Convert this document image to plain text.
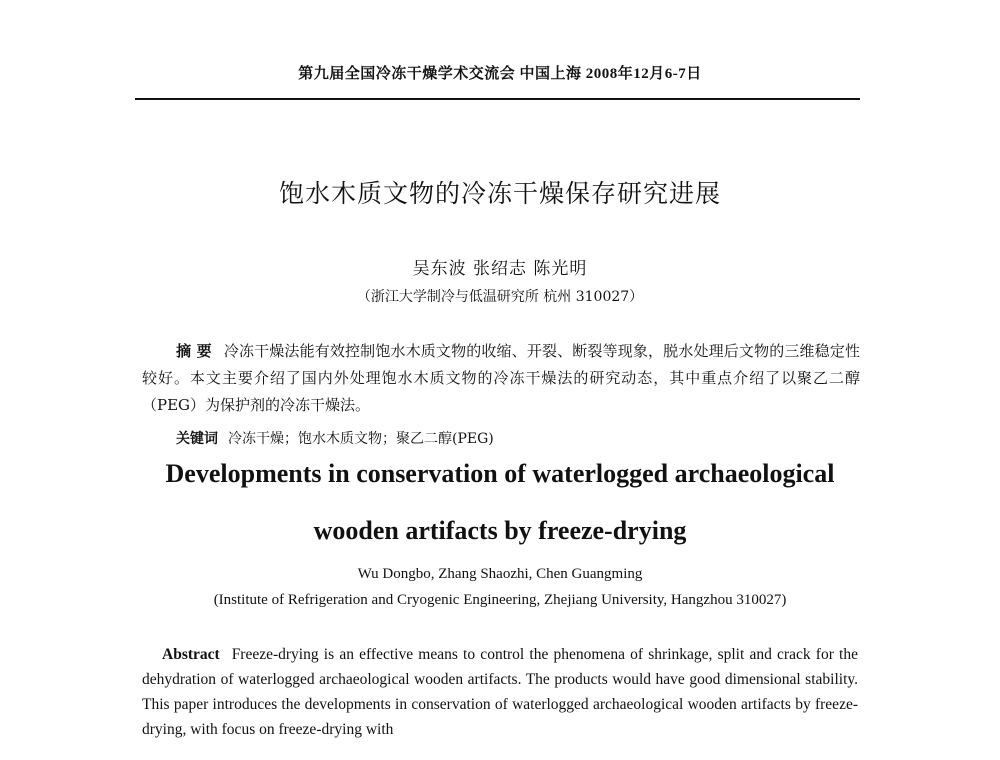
第九届全国冷冻干燥学术交流会 中国上海 2008年12月6-7日
饱水木质文物的冷冻干燥保存研究进展
吴东波 张绍志 陈光明
（浙江大学制冷与低温研究所 杭州 310027）
摘 要 冷冻干燥法能有效控制饱水木质文物的收缩、开裂、断裂等现象，脱水处理后文物的三维稳定性较好。本文主要介绍了国内外处理饱水木质文物的冷冻干燥法的研究动态，其中重点介绍了以聚乙二醇（PEG）为保护剂的冷冻干燥法。
关键词 冷冻干燥；饱水木质文物；聚乙二醇(PEG)
Developments in conservation of waterlogged archaeological
wooden artifacts by freeze-drying
Wu Dongbo, Zhang Shaozhi, Chen Guangming
(Institute of Refrigeration and Cryogenic Engineering, Zhejiang University, Hangzhou 310027)
Abstract Freeze-drying is an effective means to control the phenomena of shrinkage, split and crack for the dehydration of waterlogged archaeological wooden artifacts. The products would have good dimensional stability. This paper introduces the developments in conservation of waterlogged archaeological wooden artifacts by freeze-drying, with focus on freeze-drying with
